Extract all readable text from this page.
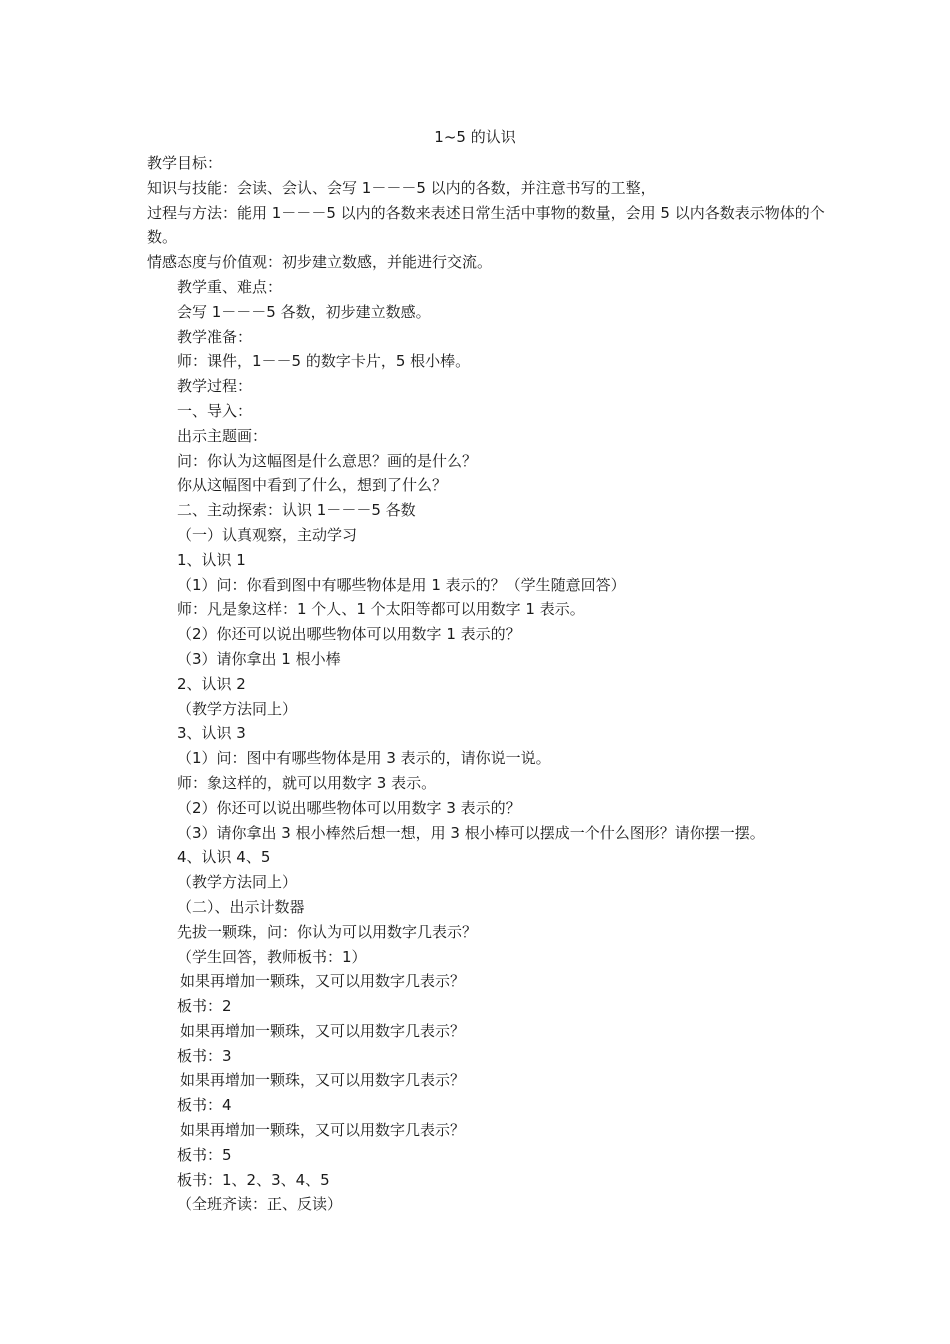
1~5 的认识

教学目标：

知识与技能：会读、会认、会写 1－－－5 以内的各数，并注意书写的工整，

过程与方法：能用 1－－－5 以内的各数来表述日常生活中事物的数量，会用 5 以内各数表示物体的个数。

情感态度与价值观：初步建立数感，并能进行交流。

教学重、难点：

会写 1－－－5 各数，初步建立数感。

教学准备：

师：课件，1－－5 的数字卡片，5 根小棒。

教学过程：

一、导入：

出示主题画：

问：你认为这幅图是什么意思？画的是什么？

你从这幅图中看到了什么，想到了什么？

二、主动探索：认识 1－－－5 各数

（一）认真观察，主动学习

1、认识 1

（1）问：你看到图中有哪些物体是用 1 表示的？（学生随意回答）

师：凡是象这样：1 个人、1 个太阳等都可以用数字 1 表示。

（2）你还可以说出哪些物体可以用数字 1 表示的？

（3）请你拿出 1 根小棒

2、认识 2

（教学方法同上）

3、认识 3

（1）问：图中有哪些物体是用 3 表示的，请你说一说。

师：象这样的，就可以用数字 3 表示。

（2）你还可以说出哪些物体可以用数字 3 表示的？

（3）请你拿出 3 根小棒然后想一想，用 3 根小棒可以摆成一个什么图形？请你摆一摆。

4、认识 4、5

（教学方法同上）

（二）、出示计数器

先拔一颗珠，问：你认为可以用数字几表示？

（学生回答，教师板书：1）

如果再增加一颗珠，又可以用数字几表示？

板书：2

如果再增加一颗珠，又可以用数字几表示？

板书：3

如果再增加一颗珠，又可以用数字几表示？

板书：4

如果再增加一颗珠，又可以用数字几表示？

板书：5

板书：1、2、3、4、5

（全班齐读：正、反读）
